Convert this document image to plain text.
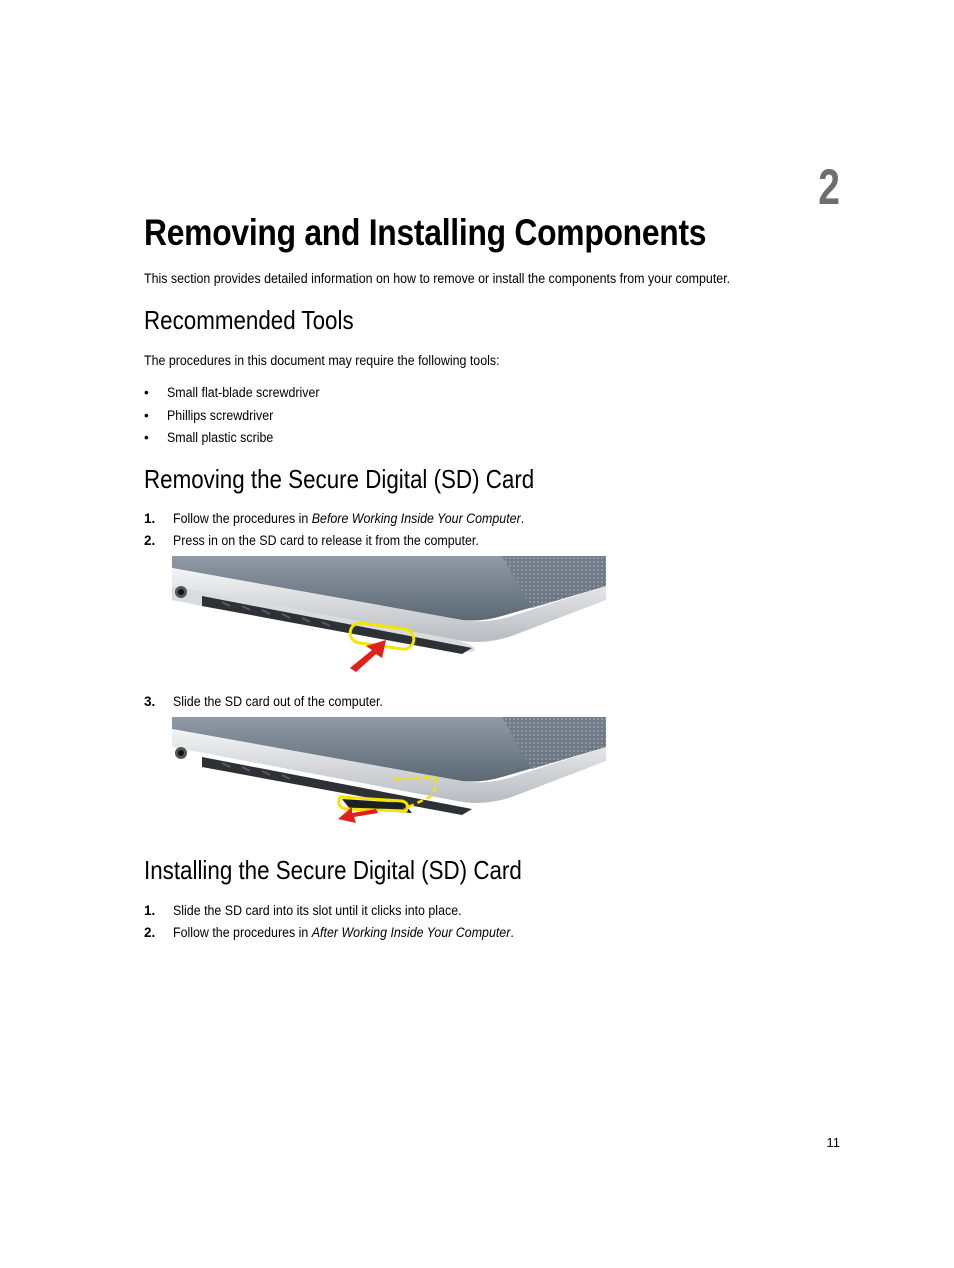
2
Removing and Installing Components
This section provides detailed information on how to remove or install the components from your computer.
Recommended Tools
The procedures in this document may require the following tools:
• Small flat-blade screwdriver
• Phillips screwdriver
• Small plastic scribe
Removing the Secure Digital (SD) Card
1. Follow the procedures in Before Working Inside Your Computer.
2. Press in on the SD card to release it from the computer.
3. Slide the SD card out of the computer.
Installing the Secure Digital (SD) Card
1. Slide the SD card into its slot until it clicks into place.
2. Follow the procedures in After Working Inside Your Computer.
11
